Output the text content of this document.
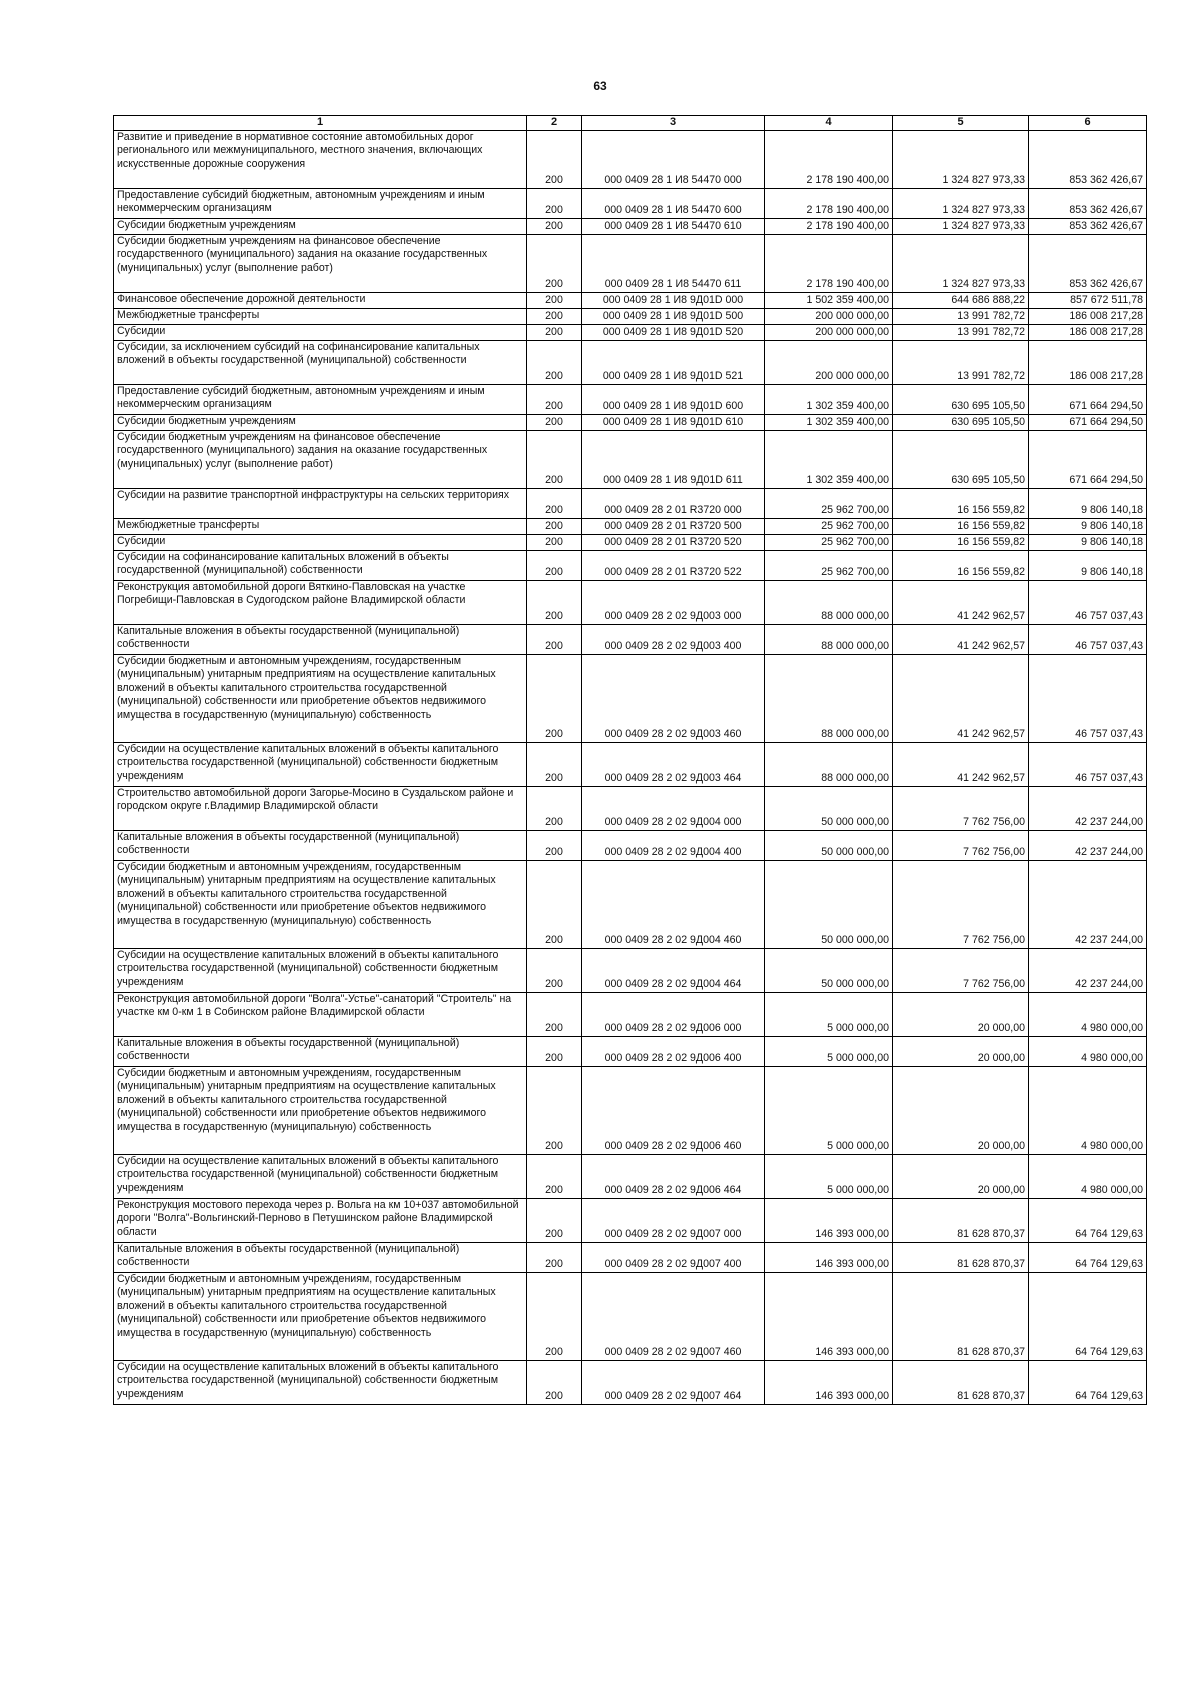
63
1	2	3	4	5	6
Развитие и приведение в нормативное состояние автомобильных дорог регионального или межмуниципального, местного значения, включающих искусственные дорожные сооружения	200	000 0409 28 1 И8 54470 000	2 178 190 400,00	1 324 827 973,33	853 362 426,67
Предоставление субсидий бюджетным, автономным учреждениям и иным некоммерческим организациям	200	000 0409 28 1 И8 54470 600	2 178 190 400,00	1 324 827 973,33	853 362 426,67
Субсидии бюджетным учреждениям	200	000 0409 28 1 И8 54470 610	2 178 190 400,00	1 324 827 973,33	853 362 426,67
Субсидии бюджетным учреждениям на финансовое обеспечение государственного (муниципального) задания на оказание государственных (муниципальных) услуг (выполнение работ)	200	000 0409 28 1 И8 54470 611	2 178 190 400,00	1 324 827 973,33	853 362 426,67
Финансовое обеспечение дорожной деятельности	200	000 0409 28 1 И8 9Д01D 000	1 502 359 400,00	644 686 888,22	857 672 511,78
Межбюджетные трансферты	200	000 0409 28 1 И8 9Д01D 500	200 000 000,00	13 991 782,72	186 008 217,28
Субсидии	200	000 0409 28 1 И8 9Д01D 520	200 000 000,00	13 991 782,72	186 008 217,28
Субсидии, за исключением субсидий на софинансирование капитальных вложений в объекты государственной (муниципальной) собственности	200	000 0409 28 1 И8 9Д01D 521	200 000 000,00	13 991 782,72	186 008 217,28
Предоставление субсидий бюджетным, автономным учреждениям и иным некоммерческим организациям	200	000 0409 28 1 И8 9Д01D 600	1 302 359 400,00	630 695 105,50	671 664 294,50
Субсидии бюджетным учреждениям	200	000 0409 28 1 И8 9Д01D 610	1 302 359 400,00	630 695 105,50	671 664 294,50
Субсидии бюджетным учреждениям на финансовое обеспечение государственного (муниципального) задания на оказание государственных (муниципальных) услуг (выполнение работ)	200	000 0409 28 1 И8 9Д01D 611	1 302 359 400,00	630 695 105,50	671 664 294,50
Субсидии на развитие транспортной инфраструктуры на сельских территориях	200	000 0409 28 2 01 R3720 000	25 962 700,00	16 156 559,82	9 806 140,18
Межбюджетные трансферты	200	000 0409 28 2 01 R3720 500	25 962 700,00	16 156 559,82	9 806 140,18
Субсидии	200	000 0409 28 2 01 R3720 520	25 962 700,00	16 156 559,82	9 806 140,18
Субсидии на софинансирование капитальных вложений в объекты государственной (муниципальной) собственности	200	000 0409 28 2 01 R3720 522	25 962 700,00	16 156 559,82	9 806 140,18
Реконструкция автомобильной дороги Вяткино-Павловская на участке Погребищи-Павловская в Судогодском районе Владимирской области	200	000 0409 28 2 02 9Д003 000	88 000 000,00	41 242 962,57	46 757 037,43
Капитальные вложения в объекты государственной (муниципальной) собственности	200	000 0409 28 2 02 9Д003 400	88 000 000,00	41 242 962,57	46 757 037,43
Субсидии бюджетным и автономным учреждениям, государственным (муниципальным) унитарным предприятиям на осуществление капитальных вложений в объекты капитального строительства государственной (муниципальной) собственности или приобретение объектов недвижимого имущества в государственную (муниципальную) собственность	200	000 0409 28 2 02 9Д003 460	88 000 000,00	41 242 962,57	46 757 037,43
Субсидии на осуществление капитальных вложений в объекты капитального строительства государственной (муниципальной) собственности бюджетным учреждениям	200	000 0409 28 2 02 9Д003 464	88 000 000,00	41 242 962,57	46 757 037,43
Строительство автомобильной дороги Загорье-Мосино в Суздальском районе и городском округе г.Владимир Владимирской области	200	000 0409 28 2 02 9Д004 000	50 000 000,00	7 762 756,00	42 237 244,00
Капитальные вложения в объекты государственной (муниципальной) собственности	200	000 0409 28 2 02 9Д004 400	50 000 000,00	7 762 756,00	42 237 244,00
Субсидии бюджетным и автономным учреждениям, государственным (муниципальным) унитарным предприятиям на осуществление капитальных вложений в объекты капитального строительства государственной (муниципальной) собственности или приобретение объектов недвижимого имущества в государственную (муниципальную) собственность	200	000 0409 28 2 02 9Д004 460	50 000 000,00	7 762 756,00	42 237 244,00
Субсидии на осуществление капитальных вложений в объекты капитального строительства государственной (муниципальной) собственности бюджетным учреждениям	200	000 0409 28 2 02 9Д004 464	50 000 000,00	7 762 756,00	42 237 244,00
Реконструкция автомобильной дороги "Волга"-Устье"-санаторий "Строитель" на участке км 0-км 1 в Собинском районе Владимирской области	200	000 0409 28 2 02 9Д006 000	5 000 000,00	20 000,00	4 980 000,00
Капитальные вложения в объекты государственной (муниципальной) собственности	200	000 0409 28 2 02 9Д006 400	5 000 000,00	20 000,00	4 980 000,00
Субсидии бюджетным и автономным учреждениям, государственным (муниципальным) унитарным предприятиям на осуществление капитальных вложений в объекты капитального строительства государственной (муниципальной) собственности или приобретение объектов недвижимого имущества в государственную (муниципальную) собственность	200	000 0409 28 2 02 9Д006 460	5 000 000,00	20 000,00	4 980 000,00
Субсидии на осуществление капитальных вложений в объекты капитального строительства государственной (муниципальной) собственности бюджетным учреждениям	200	000 0409 28 2 02 9Д006 464	5 000 000,00	20 000,00	4 980 000,00
Реконструкция мостового перехода через р. Вольга на км 10+037 автомобильной дороги "Волга"-Вольгинский-Перново в Петушинском районе Владимирской области	200	000 0409 28 2 02 9Д007 000	146 393 000,00	81 628 870,37	64 764 129,63
Капитальные вложения в объекты государственной (муниципальной) собственности	200	000 0409 28 2 02 9Д007 400	146 393 000,00	81 628 870,37	64 764 129,63
Субсидии бюджетным и автономным учреждениям, государственным (муниципальным) унитарным предприятиям на осуществление капитальных вложений в объекты капитального строительства государственной (муниципальной) собственности или приобретение объектов недвижимого имущества в государственную (муниципальную) собственность	200	000 0409 28 2 02 9Д007 460	146 393 000,00	81 628 870,37	64 764 129,63
Субсидии на осуществление капитальных вложений в объекты капитального строительства государственной (муниципальной) собственности бюджетным учреждениям	200	000 0409 28 2 02 9Д007 464	146 393 000,00	81 628 870,37	64 764 129,63
